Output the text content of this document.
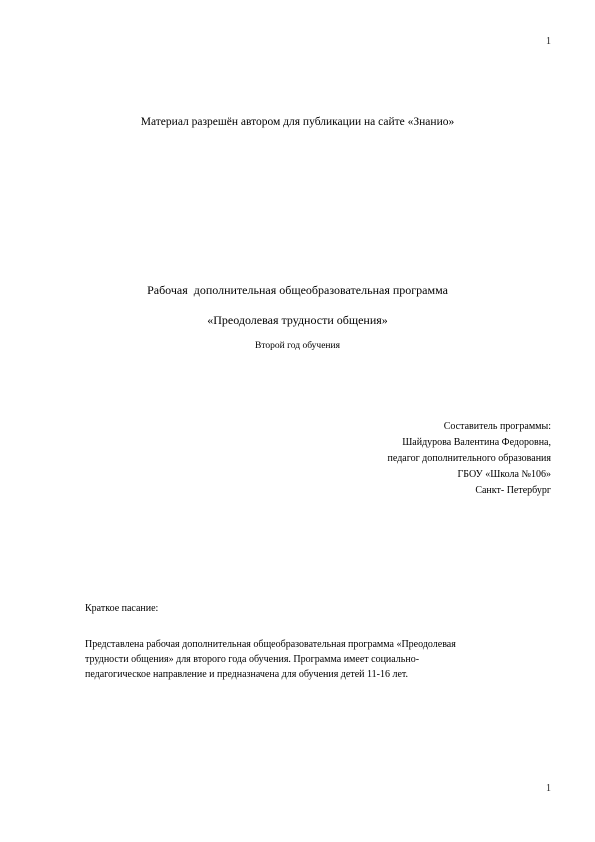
1
Материал разрешён автором для публикации на сайте «Знанио»
Рабочая  дополнительная общеобразовательная программа
«Преодолевая трудности общения»
Второй год обучения
Составитель программы:
Шайдурова Валентина Федоровна,
педагог дополнительного образования
ГБОУ «Школа №106»
Санкт- Петербург
Краткое пасание:
Представлена рабочая дополнительная общеобразовательная программа «Преодолевая
трудности общения» для второго года обучения. Программа имеет социально-
педагогическое направление и предназначена для обучения детей 11-16 лет.
1
